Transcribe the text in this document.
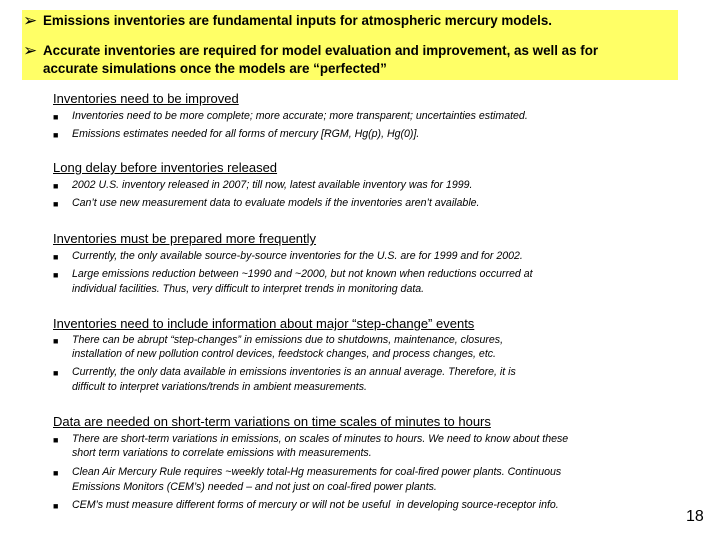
➢ Emissions inventories are fundamental inputs for atmospheric mercury models.
➢ Accurate inventories are required for model evaluation and improvement, as well as for
accurate simulations once the models are “perfected”
Inventories need to be improved
■ Inventories need to be more complete; more accurate; more transparent; uncertainties estimated.
■ Emissions estimates needed for all forms of mercury [RGM, Hg(p), Hg(0)].
Long delay before inventories released
■ 2002 U.S. inventory released in 2007; till now, latest available inventory was for 1999.
■ Can’t use new measurement data to evaluate models if the inventories aren’t available.
Inventories must be prepared more frequently
■ Currently, the only available source-by-source inventories for the U.S. are for 1999 and for 2002.
■ Large emissions reduction between ~1990 and ~2000, but not known when reductions occurred at
individual facilities. Thus, very difficult to interpret trends in monitoring data.
Inventories need to include information about major “step-change” events
■ There can be abrupt “step-changes” in emissions due to shutdowns, maintenance, closures,
installation of new pollution control devices, feedstock changes, and process changes, etc.
■ Currently, the only data available in emissions inventories is an annual average. Therefore, it is
difficult to interpret variations/trends in ambient measurements.
Data are needed on short-term variations on time scales of minutes to hours
■ There are short-term variations in emissions, on scales of minutes to hours. We need to know about these
short term variations to correlate emissions with measurements.
■ Clean Air Mercury Rule requires ~weekly total-Hg measurements for coal-fired power plants. Continuous
Emissions Monitors (CEM’s) needed – and not just on coal-fired power plants.
■ CEM’s must measure different forms of mercury or will not be useful  in developing source-receptor info.
18
